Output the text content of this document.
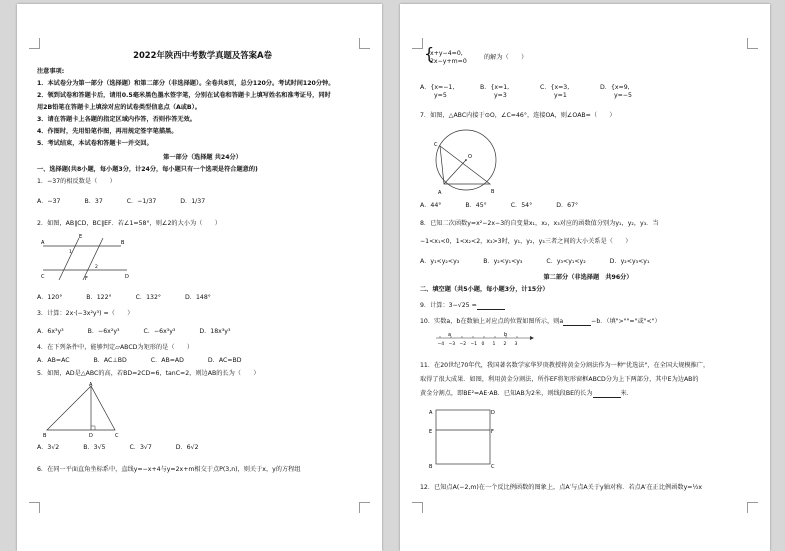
2022年陕西中考数学真题及答案A卷
注意事项:
1．本试卷分为第一部分（选择题）和第二部分（非选择题）。全卷共8页，总分120分。考试时间120分钟。
2．领到试卷和答题卡后，请用0.5毫米黑色墨水签字笔，分别在试卷和答题卡上填写姓名和准考证号，同时
用2B铅笔在答题卡上填涂对应的试卷类型信息点（A或B）。
3．请在答题卡上各题的指定区域内作答，否则作答无效。
4．作图时，先用铅笔作图，再用规定签字笔描黑。
5．考试结束，本试卷和答题卡一并交回。
第一部分（选择题 共24分）
一、选择题(共8小题，每小题3分，计24分，每小题只有一个选项是符合题意的)
1．−37的相反数是（　　）
A．−37	B．37	C．−1/37	D．1/37
2．如图，AB∥CD，BC∥EF．若∠1=58°，则∠2的大小为（　　）
A	B
C	D
E
F
1
2
A．120°	B．122°	C．132°	D．148°
3．计算：2x·(−3x²y³) =（　　）
A．6x³y³	B．−6x²y³	C．−6x³y³	D．18x³y³
4．在下列条件中，能够判定▱ABCD为矩形的是（　　）
A．AB=AC	B．AC⊥BD	C．AB=AD	D．AC=BD
5．如图，AD是△ABC的高，若BD=2CD=6，tanC=2，则边AB的长为（　　）
A
B	D	C
A．3√2	B．3√5	C．3√7	D．6√2
6．在同一平面直角坐标系中，直线y=−x+4与y=2x+m相交于点P(3,n)，则关于x，y的方程组
x+y−4=0,
2x−y+m=0
的解为（　　）
{
A．{x=−1,
y=5
B．{x=1,
y=3
C．{x=3,
y=1
D．{x=9,
y=−5
7．如图，△ABC内接于⊙O，∠C=46°，连接OA，则∠OAB=（　　）
C
A	B
O
A．44°	B．45°	C．54°	D．67°
8．已知二次函数y=x²−2x−3的自变量x₁，x₂，x₃对应的函数值分别为y₁，y₂，y₃．当
−1<x₁<0，1<x₂<2，x₃>3时，y₁，y₂，y₃三者之间的大小关系是（　　）
A．y₁<y₂<y₃	B．y₂<y₁<y₃	C．y₃<y₁<y₂	D．y₂<y₃<y₁
第二部分（非选择题　共96分）
二、填空题（共5小题，每小题3分，计15分）
9．计算：3−√25 =
10．实数a，b在数轴上对应点的位置如图所示，则a	−b．（填">""="或"<"）
−4 −3 −2 −1 0 1 2 3
a	b
11．在20世纪70年代，我国著名数学家华罗庚教授将黄金分割法作为一种"优选法"，在全国大规模推广，
取得了很大成果．如图，利用黄金分割法，所作EF将矩形窗框ABCD分为上下两部分，其中E为边AB的
黄金分割点，即BE²=AE·AB．已知AB为2米，则线段BE的长为	米．
A	D
E	F
B	C
12．已知点A(−2,m)在一个反比例函数的图象上，点A′与点A关于y轴对称．若点A′在正比例函数y=½x
